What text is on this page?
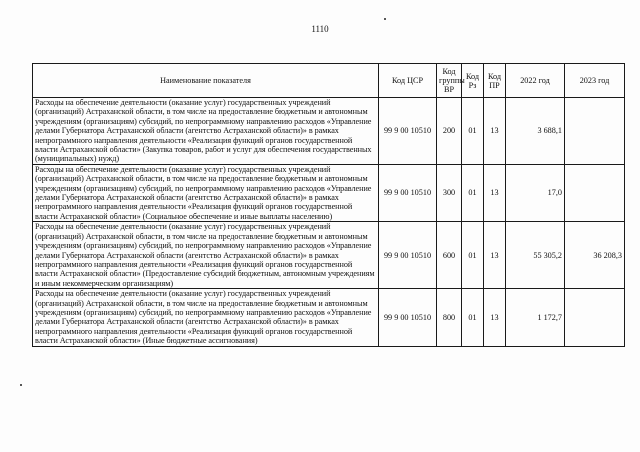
1110
Наименование показателя	Код ЦСР	Код группы ВР	Код Рз	Код ПР	2022 год	2023 год
Расходы на обеспечение деятельности (оказание услуг) государственных учреждений (организаций) Астраханской области, в том числе на предоставление бюджетным и автономным учреждениям (организациям) субсидий, по непрограммному направлению расходов «Управление делами Губернатора Астраханской области (агентство Астраханской области)» в рамках непрограммного направления деятельности «Реализация функций органов государственной власти Астраханской области» (Закупка товаров, работ и услуг для обеспечения государственных (муниципальных) нужд)	99 9 00 10510	200	01	13	3 688,1	
Расходы на обеспечение деятельности (оказание услуг) государственных учреждений (организаций) Астраханской области, в том числе на предоставление бюджетным и автономным учреждениям (организациям) субсидий, по непрограммному направлению расходов «Управление делами Губернатора Астраханской области (агентство Астраханской области)» в рамках непрограммного направления деятельности «Реализация функций органов государственной власти Астраханской области» (Социальное обеспечение и иные выплаты населению)	99 9 00 10510	300	01	13	17,0	
Расходы на обеспечение деятельности (оказание услуг) государственных учреждений (организаций) Астраханской области, в том числе на предоставление бюджетным и автономным учреждениям (организациям) субсидий, по непрограммному направлению расходов «Управление делами Губернатора Астраханской области (агентство Астраханской области)» в рамках непрограммного направления деятельности «Реализация функций органов государственной власти Астраханской области» (Предоставление субсидий бюджетным, автономным учреждениям и иным некоммерческим организациям)	99 9 00 10510	600	01	13	55 305,2	36 208,3
Расходы на обеспечение деятельности (оказание услуг) государственных учреждений (организаций) Астраханской области, в том числе на предоставление бюджетным и автономным учреждениям (организациям) субсидий, по непрограммному направлению расходов «Управление делами Губернатора Астраханской области (агентство Астраханской области)» в рамках непрограммного направления деятельности «Реализация функций органов государственной власти Астраханской области» (Иные бюджетные ассигнования)	99 9 00 10510	800	01	13	1 172,7	
